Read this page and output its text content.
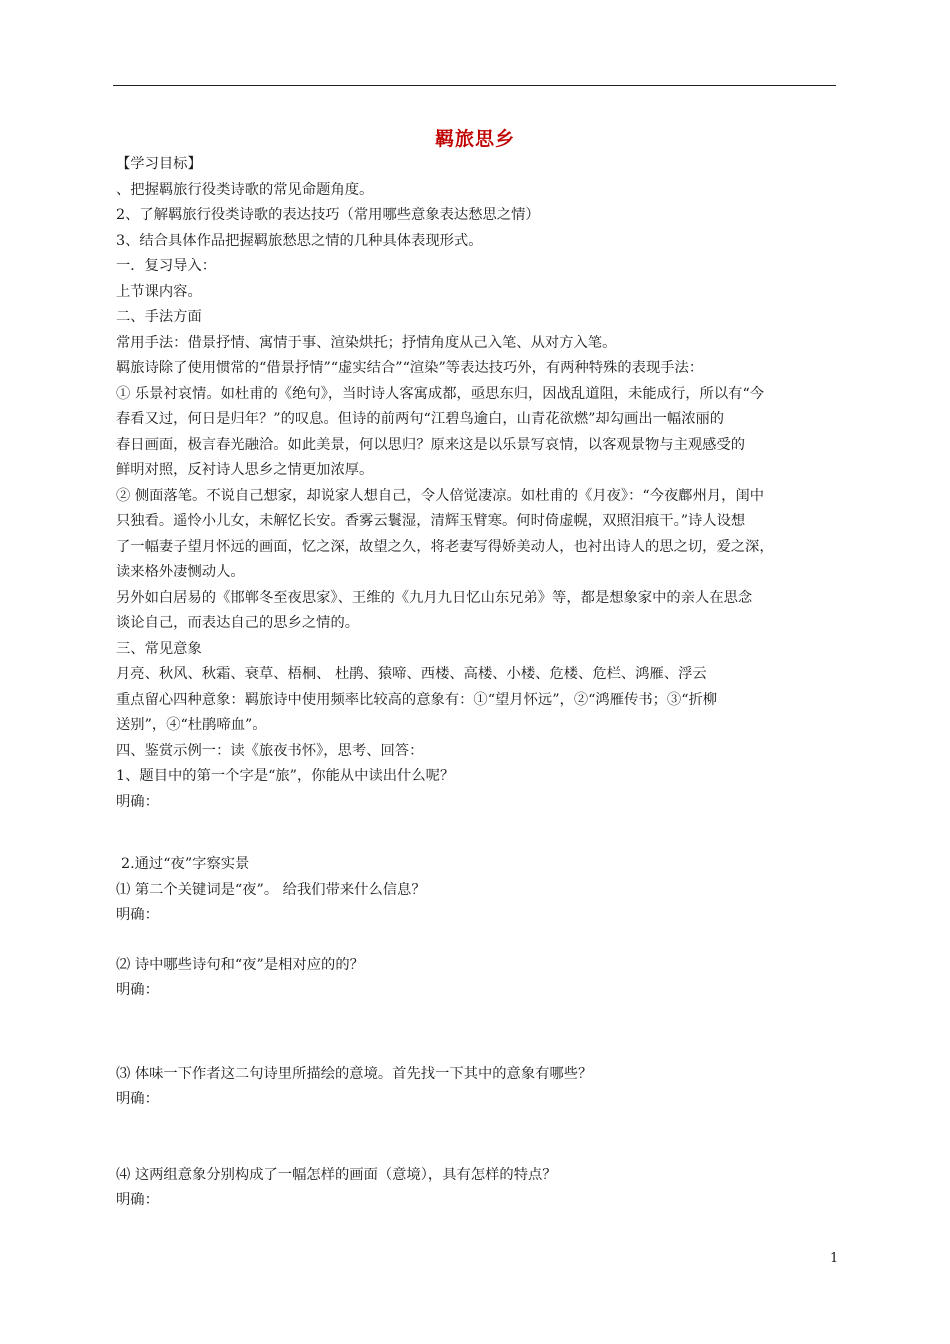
羁旅思乡
【学习目标】
、把握羁旅行役类诗歌的常见命题角度。
2、了解羁旅行役类诗歌的表达技巧（常用哪些意象表达愁思之情）
3、结合具体作品把握羁旅愁思之情的几种具体表现形式。
一．复习导入：
上节课内容。
二、手法方面
常用手法：借景抒情、寓情于事、渲染烘托；抒情角度从己入笔、从对方入笔。
羁旅诗除了使用惯常的“借景抒情”“虚实结合”“渲染”等表达技巧外，有两种特殊的表现手法：
① 乐景衬哀情。如杜甫的《绝句》，当时诗人客寓成都，亟思东归，因战乱道阻，未能成行，所以有“今
春看又过，何日是归年？”的叹息。但诗的前两句“江碧鸟逾白，山青花欲燃”却勾画出一幅浓丽的
春日画面，极言春光融洽。如此美景，何以思归？原来这是以乐景写哀情，以客观景物与主观感受的
鲜明对照，反衬诗人思乡之情更加浓厚。
② 侧面落笔。不说自己想家，却说家人想自己，令人倍觉凄凉。如杜甫的《月夜》：“今夜鄜州月，闺中
只独看。遥怜小儿女，未解忆长安。香雾云鬟湿，清辉玉臂寒。何时倚虚幌，双照泪痕干。”诗人设想
了一幅妻子望月怀远的画面，忆之深，故望之久，将老妻写得娇美动人，也衬出诗人的思之切，爱之深，
读来格外凄恻动人。
另外如白居易的《邯郸冬至夜思家》、王维的《九月九日忆山东兄弟》等，都是想象家中的亲人在思念
谈论自己，而表达自己的思乡之情的。
三、常见意象
月亮、秋风、秋霜、衰草、梧桐、 杜鹃、猿啼、西楼、高楼、小楼、危楼、危栏、鸿雁、浮云
重点留心四种意象：羁旅诗中使用频率比较高的意象有：①“望月怀远”，②“鸿雁传书；③“折柳
送别”，④“杜鹃啼血”。
四、鉴赏示例一：读《旅夜书怀》，思考、回答：
1、题目中的第一个字是“旅”，你能从中读出什么呢？
明确：
2.通过“夜”字察实景
⑴ 第二个关键词是“夜”。 给我们带来什么信息？
明确：
⑵ 诗中哪些诗句和“夜”是相对应的的？
明确：
⑶ 体味一下作者这二句诗里所描绘的意境。首先找一下其中的意象有哪些？
明确：
⑷ 这两组意象分别构成了一幅怎样的画面（意境），具有怎样的特点？
明确：
1
